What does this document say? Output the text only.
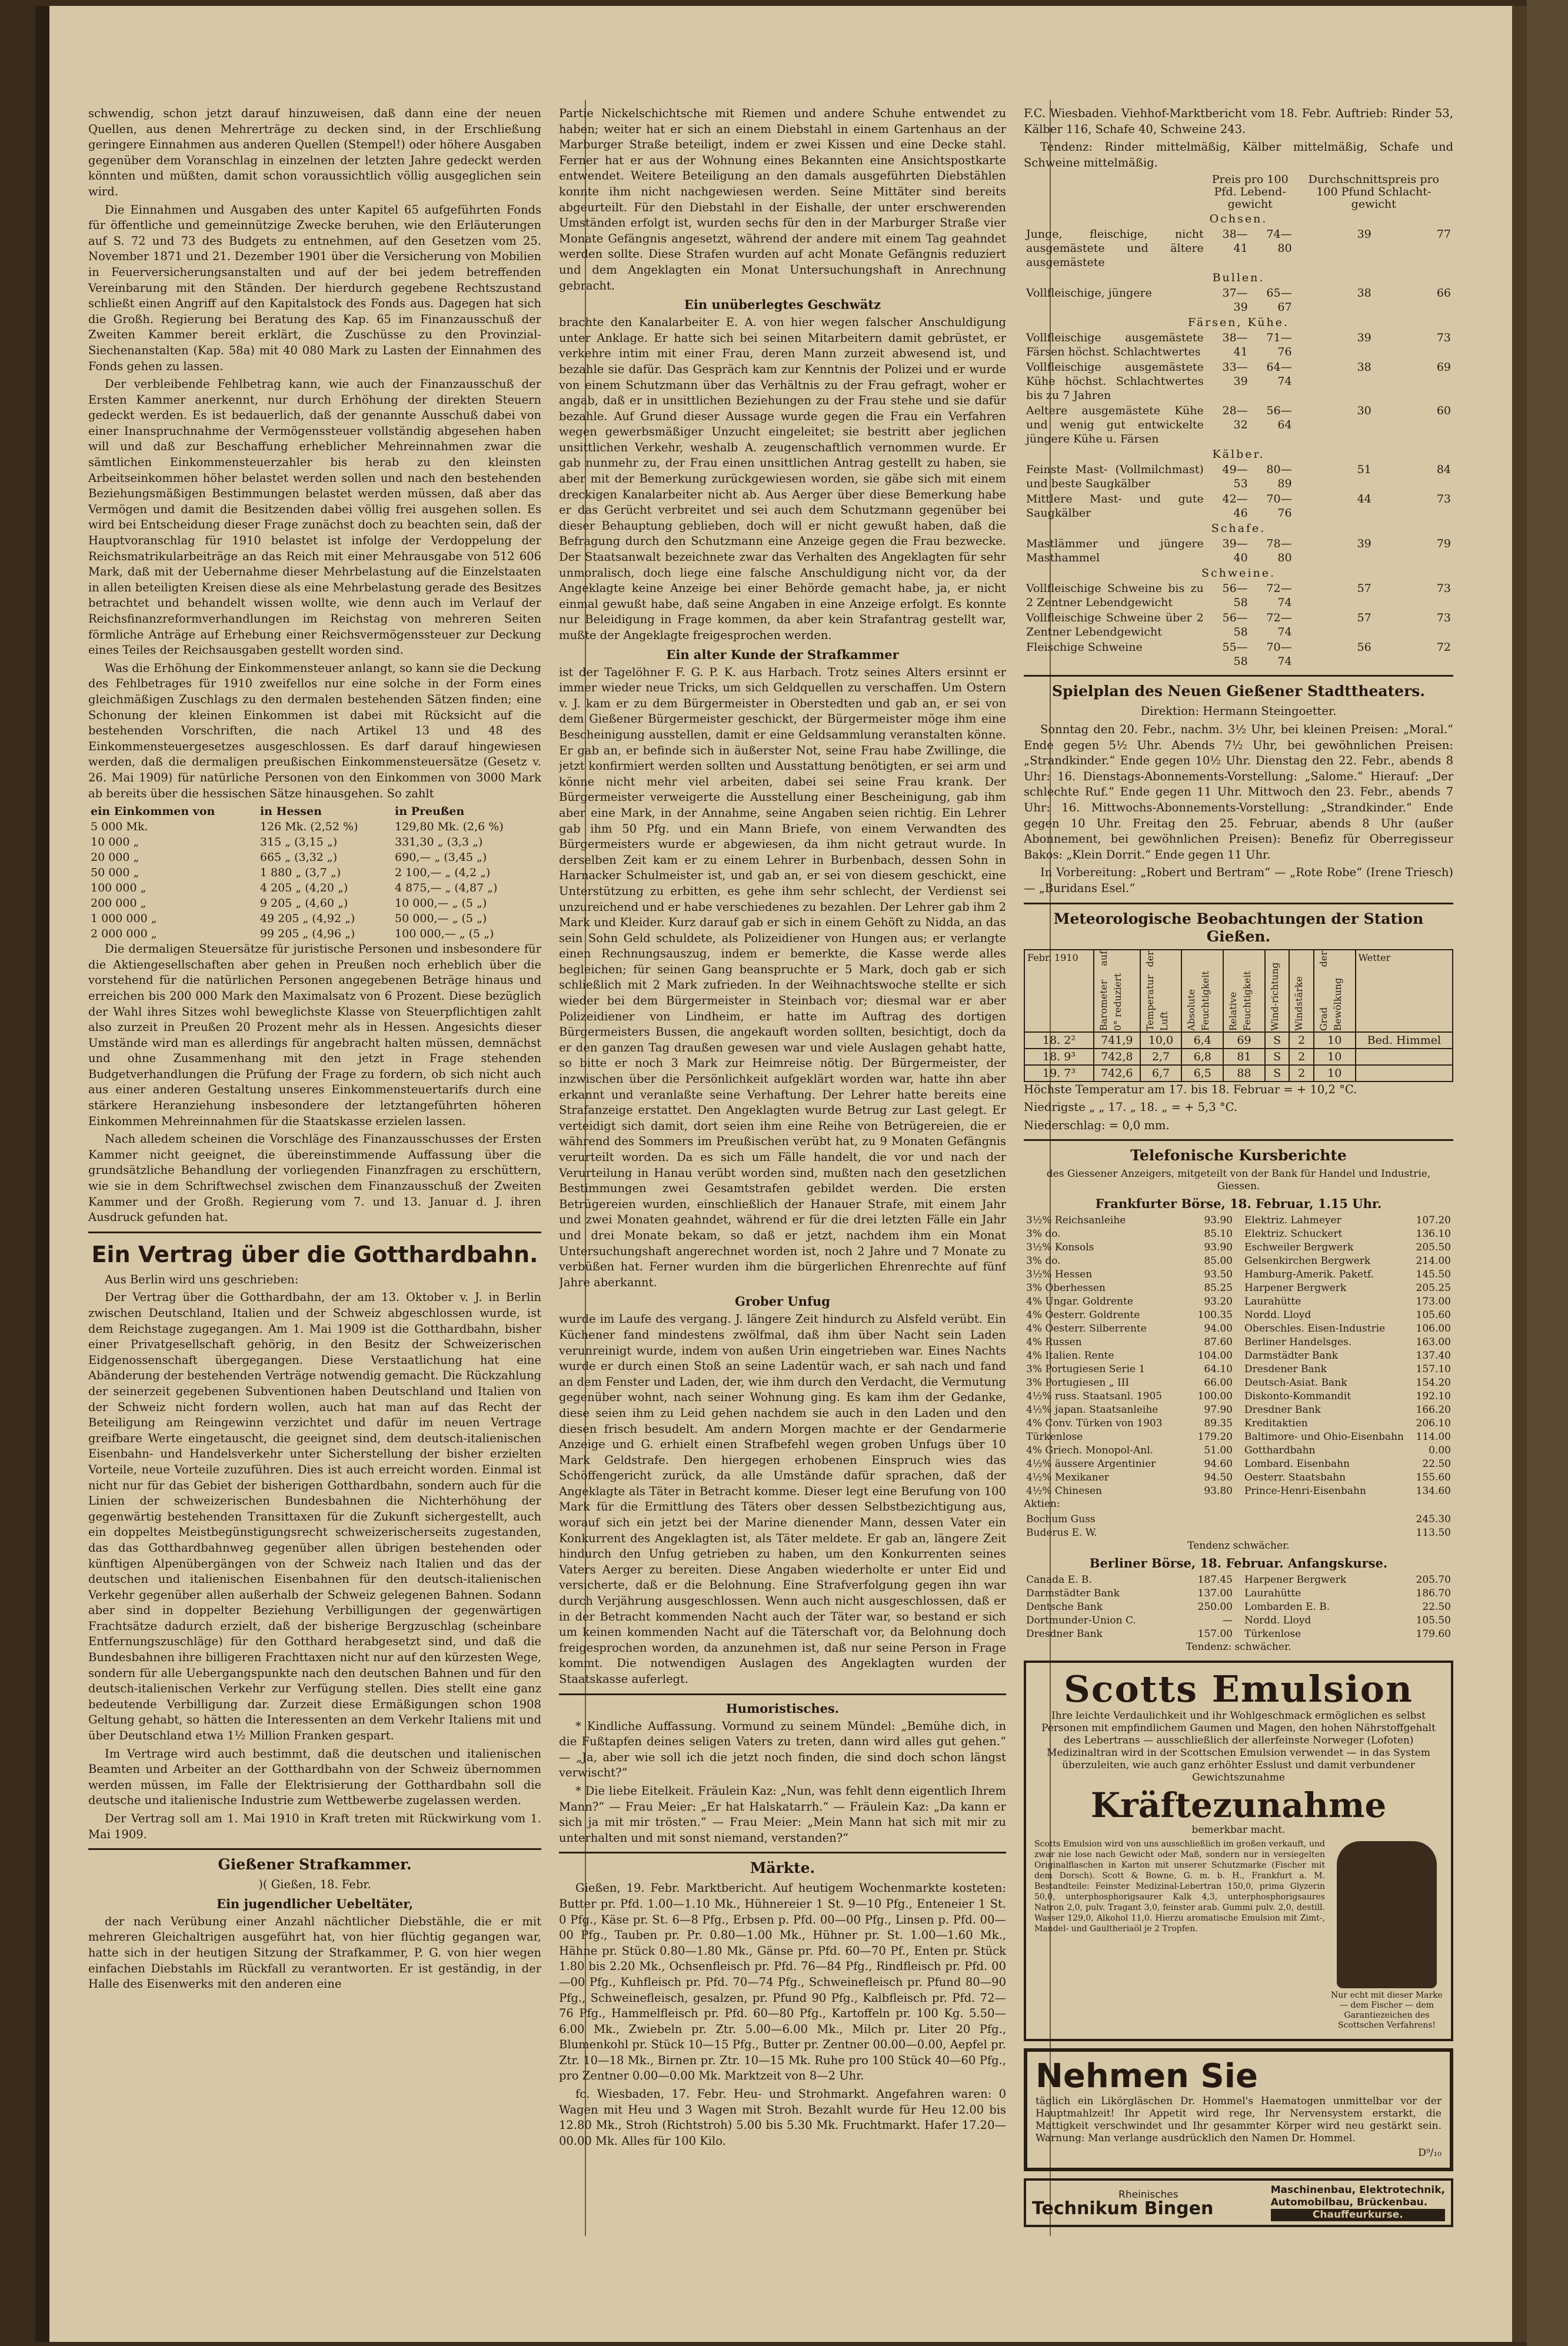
schwendig, schon jetzt darauf hinzuweisen, daß dann eine der neuen Quellen, aus denen Mehrerträge zu decken sind, in der Erschließung geringere Einnahmen aus anderen Quellen (Stempel!) oder höhere Ausgaben gegenüber dem Voranschlag in einzelnen der letzten Jahre gedeckt werden könnten und müßten, damit schon voraussichtlich völlig ausgeglichen sein wird.

Die Einnahmen und Ausgaben des unter Kapitel 65 aufgeführten Fonds für öffentliche und gemeinnützige Zwecke beruhen, wie den Erläuterungen auf S. 72 und 73 des Budgets zu entnehmen, auf den Gesetzen vom 25. November 1871 und 21. Dezember 1901 über die Versicherung von Mobilien in Feuerversicherungsanstalten und auf der bei jedem betreffenden Vereinbarung mit den Ständen. Der hierdurch gegebene Rechtszustand schließt einen Angriff auf den Kapitalstock des Fonds aus. Dagegen hat sich die Großh. Regierung bei Beratung des Kap. 65 im Finanzausschuß der Zweiten Kammer bereit erklärt, die Zuschüsse zu den Provinzial-Siechenanstalten (Kap. 58a) mit 40 080 Mark zu Lasten der Einnahmen des Fonds gehen zu lassen.

Der verbleibende Fehlbetrag kann, wie auch der Finanzausschuß der Ersten Kammer anerkennt, nur durch Erhöhung der direkten Steuern gedeckt werden. Es ist bedauerlich, daß der genannte Ausschuß dabei von einer Inanspruchnahme der Vermögenssteuer vollständig abgesehen haben will und daß zur Beschaffung erheblicher Mehreinnahmen zwar die sämtlichen Einkommensteuerzahler bis herab zu den kleinsten Arbeitseinkommen höher belastet werden sollen und nach den bestehenden Beziehungsmäßigen Bestimmungen belastet werden müssen, daß aber das Vermögen und damit die Besitzenden dabei völlig frei ausgehen sollen. Es wird bei Entscheidung dieser Frage zunächst doch zu beachten sein, daß der Hauptvoranschlag für 1910 belastet ist infolge der Verdoppelung der Reichsmatrikularbeiträge an das Reich mit einer Mehrausgabe von 512 606 Mark, daß mit der Uebernahme dieser Mehrbelastung auf die Einzelstaaten in allen beteiligten Kreisen diese als eine Mehrbelastung gerade des Besitzes betrachtet und behandelt wissen wollte, wie denn auch im Verlauf der Reichsfinanzreformverhandlungen im Reichstag von mehreren Seiten förmliche Anträge auf Erhebung einer Reichsvermögenssteuer zur Deckung eines Teiles der Reichsausgaben gestellt worden sind.

Was die Erhöhung der Einkommensteuer anlangt, so kann sie die Deckung des Fehlbetrages für 1910 zweifellos nur eine solche in der Form eines gleichmäßigen Zuschlags zu den dermalen bestehenden Sätzen finden; eine Schonung der kleinen Einkommen ist dabei mit Rücksicht auf die bestehenden Vorschriften, die nach Artikel 13 und 48 des Einkommensteuergesetzes ausgeschlossen. Es darf darauf hingewiesen werden, daß die dermaligen preußischen Einkommensteuersätze (Gesetz v. 26. Mai 1909) für natürliche Personen von den Einkommen von 3000 Mark ab bereits über die hessischen Sätze hinausgehen. So zahlt

ein Einkommen von	in Hessen	in Preußen
5 000 Mk.	126 Mk. (2,52 %)	129,80 Mk. (2,6 %)
10 000 „	315 „ (3,15 „)	331,30 „ (3,3 „)
20 000 „	665 „ (3,32 „)	690,— „ (3,45 „)
50 000 „	1 880 „ (3,7 „)	2 100,— „ (4,2 „)
100 000 „	4 205 „ (4,20 „)	4 875,— „ (4,87 „)
200 000 „	9 205 „ (4,60 „)	10 000,— „ (5 „)
1 000 000 „	49 205 „ (4,92 „)	50 000,— „ (5 „)
2 000 000 „	99 205 „ (4,96 „)	100 000,— „ (5 „)

Die dermaligen Steuersätze für juristische Personen und insbesondere für die Aktiengesellschaften aber gehen in Preußen noch erheblich über die vorstehend für die natürlichen Personen angegebenen Beträge hinaus und erreichen bis 200 000 Mark den Maximalsatz von 6 Prozent. Diese bezüglich der Wahl ihres Sitzes wohl beweglichste Klasse von Steuerpflichtigen zahlt also zurzeit in Preußen 20 Prozent mehr als in Hessen. Angesichts dieser Umstände wird man es allerdings für angebracht halten müssen, demnächst und ohne Zusammenhang mit den jetzt in Frage stehenden Budgetverhandlungen die Prüfung der Frage zu fordern, ob sich nicht auch aus einer anderen Gestaltung unseres Einkommensteuertarifs durch eine stärkere Heranziehung insbesondere der letztangeführten höheren Einkommen Mehreinnahmen für die Staatskasse erzielen lassen.

Nach alledem scheinen die Vorschläge des Finanzausschusses der Ersten Kammer nicht geeignet, die übereinstimmende Auffassung über die grundsätzliche Behandlung der vorliegenden Finanzfragen zu erschüttern, wie sie in dem Schriftwechsel zwischen dem Finanzausschuß der Zweiten Kammer und der Großh. Regierung vom 7. und 13. Januar d. J. ihren Ausdruck gefunden hat.

Ein Vertrag über die Gotthardbahn.

Aus Berlin wird uns geschrieben:

Der Vertrag über die Gotthardbahn, der am 13. Oktober v. J. in Berlin zwischen Deutschland, Italien und der Schweiz abgeschlossen wurde, ist dem Reichstage zugegangen. Am 1. Mai 1909 ist die Gotthardbahn, bisher einer Privatgesellschaft gehörig, in den Besitz der Schweizerischen Eidgenossenschaft übergegangen. Diese Verstaatlichung hat eine Abänderung der bestehenden Verträge notwendig gemacht. Die Rückzahlung der seinerzeit gegebenen Subventionen haben Deutschland und Italien von der Schweiz nicht fordern wollen, auch hat man auf das Recht der Beteiligung am Reingewinn verzichtet und dafür im neuen Vertrage greifbare Werte eingetauscht, die geeignet sind, dem deutsch-italienischen Eisenbahn- und Handelsverkehr unter Sicherstellung der bisher erzielten Vorteile, neue Vorteile zuzuführen. Dies ist auch erreicht worden. Einmal ist nicht nur für das Gebiet der bisherigen Gotthardbahn, sondern auch für die Linien der schweizerischen Bundesbahnen die Nichterhöhung der gegenwärtig bestehenden Transittaxen für die Zukunft sichergestellt, auch ein doppeltes Meistbegünstigungsrecht schweizerischerseits zugestanden, das das Gotthardbahnweg gegenüber allen übrigen bestehenden oder künftigen Alpenübergängen von der Schweiz nach Italien und das der deutschen und italienischen Eisenbahnen für den deutsch-italienischen Verkehr gegenüber allen außerhalb der Schweiz gelegenen Bahnen. Sodann aber sind in doppelter Beziehung Verbilligungen der gegenwärtigen Frachtsätze dadurch erzielt, daß der bisherige Bergzuschlag (scheinbare Entfernungszuschläge) für den Gotthard herabgesetzt sind, und daß die Bundesbahnen ihre billigeren Frachttaxen nicht nur auf den kürzesten Wege, sondern für alle Uebergangspunkte nach den deutschen Bahnen und für den deutsch-italienischen Verkehr zur Verfügung stellen. Dies stellt eine ganz bedeutende Verbilligung dar. Zurzeit diese Ermäßigungen schon 1908 Geltung gehabt, so hätten die Interessenten an dem Verkehr Italiens mit und über Deutschland etwa 1½ Million Franken gespart.

Im Vertrage wird auch bestimmt, daß die deutschen und italienischen Beamten und Arbeiter an der Gotthardbahn von der Schweiz übernommen werden müssen, im Falle der Elektrisierung der Gotthardbahn soll die deutsche und italienische Industrie zum Wettbewerbe zugelassen werden.

Der Vertrag soll am 1. Mai 1910 in Kraft treten mit Rückwirkung vom 1. Mai 1909.

Gießener Strafkammer.

)( Gießen, 18. Febr.

Ein jugendlicher Uebeltäter,

der nach Verübung einer Anzahl nächtlicher Diebstähle, die er mit mehreren Gleichaltrigen ausgeführt hat, von hier flüchtig gegangen war, hatte sich in der heutigen Sitzung der Strafkammer, P. G. von hier wegen einfachen Diebstahls im Rückfall zu verantworten. Er ist geständig, in der Halle des Eisenwerks mit den anderen eine

Partie Nickelschichtsche mit Riemen und andere Schuhe entwendet zu haben; weiter hat er sich an einem Diebstahl in einem Gartenhaus an der Marburger Straße beteiligt, indem er zwei Kissen und eine Decke stahl. Ferner hat er aus der Wohnung eines Bekannten eine Ansichtspostkarte entwendet. Weitere Beteiligung an den damals ausgeführten Diebstählen konnte ihm nicht nachgewiesen werden. Seine Mittäter sind bereits abgeurteilt. Für den Diebstahl in der Eishalle, der unter erschwerenden Umständen erfolgt ist, wurden sechs für den in der Marburger Straße vier Monate Gefängnis angesetzt, während der andere mit einem Tag geahndet werden sollte. Diese Strafen wurden auf acht Monate Gefängnis reduziert und dem Angeklagten ein Monat Untersuchungshaft in Anrechnung gebracht.

Ein unüberlegtes Geschwätz

brachte den Kanalarbeiter E. A. von hier wegen falscher Anschuldigung unter Anklage. Er hatte sich bei seinen Mitarbeitern damit gebrüstet, er verkehre intim mit einer Frau, deren Mann zurzeit abwesend ist, und bezahle sie dafür. Das Gespräch kam zur Kenntnis der Polizei und er wurde von einem Schutzmann über das Verhältnis zu der Frau gefragt, woher er angab, daß er in unsittlichen Beziehungen zu der Frau stehe und sie dafür bezahle. Auf Grund dieser Aussage wurde gegen die Frau ein Verfahren wegen gewerbsmäßiger Unzucht eingeleitet; sie bestritt aber jeglichen unsittlichen Verkehr, weshalb A. zeugenschaftlich vernommen wurde. Er gab nunmehr zu, der Frau einen unsittlichen Antrag gestellt zu haben, sie aber mit der Bemerkung zurückgewiesen worden, sie gäbe sich mit einem dreckigen Kanalarbeiter nicht ab. Aus Aerger über diese Bemerkung habe er das Gerücht verbreitet und sei auch dem Schutzmann gegenüber bei dieser Behauptung geblieben, doch will er nicht gewußt haben, daß die Befragung durch den Schutzmann eine Anzeige gegen die Frau bezwecke. Der Staatsanwalt bezeichnete zwar das Verhalten des Angeklagten für sehr unmoralisch, doch liege eine falsche Anschuldigung nicht vor, da der Angeklagte keine Anzeige bei einer Behörde gemacht habe, ja, er nicht einmal gewußt habe, daß seine Angaben in eine Anzeige erfolgt. Es konnte nur Beleidigung in Frage kommen, da aber kein Strafantrag gestellt war, mußte der Angeklagte freigesprochen werden.

Ein alter Kunde der Strafkammer

ist der Tagelöhner F. G. P. K. aus Harbach. Trotz seines Alters ersinnt er immer wieder neue Tricks, um sich Geldquellen zu verschaffen. Um Ostern v. J. kam er zu dem Bürgermeister in Oberstedten und gab an, er sei von dem Gießener Bürgermeister geschickt, der Bürgermeister möge ihm eine Bescheinigung ausstellen, damit er eine Geldsammlung veranstalten könne. Er gab an, er befinde sich in äußerster Not, seine Frau habe Zwillinge, die jetzt konfirmiert werden sollten und Ausstattung benötigten, er sei arm und könne nicht mehr viel arbeiten, dabei sei seine Frau krank. Der Bürgermeister verweigerte die Ausstellung einer Bescheinigung, gab ihm aber eine Mark, in der Annahme, seine Angaben seien richtig. Ein Lehrer gab ihm 50 Pfg. und ein Mann Briefe, von einem Verwandten des Bürgermeisters wurde er abgewiesen, da ihm nicht getraut wurde. In derselben Zeit kam er zu einem Lehrer in Burbenbach, dessen Sohn in Harnacker Schulmeister ist, und gab an, er sei von diesem geschickt, eine Unterstützung zu erbitten, es gehe ihm sehr schlecht, der Verdienst sei unzureichend und er habe verschiedenes zu bezahlen. Der Lehrer gab ihm 2 Mark und Kleider. Kurz darauf gab er sich in einem Gehöft zu Nidda, an das sein Sohn Geld schuldete, als Polizeidiener von Hungen aus; er verlangte einen Rechnungsauszug, indem er bemerkte, die Kasse werde alles begleichen; für seinen Gang beanspruchte er 5 Mark, doch gab er sich schließlich mit 2 Mark zufrieden. In der Weihnachtswoche stellte er sich wieder bei dem Bürgermeister in Steinbach vor; diesmal war er aber Polizeidiener von Lindheim, er hatte im Auftrag des dortigen Bürgermeisters Bussen, die angekauft worden sollten, besichtigt, doch da er den ganzen Tag draußen gewesen war und viele Auslagen gehabt hatte, so bitte er noch 3 Mark zur Heimreise nötig. Der Bürgermeister, der inzwischen über die Persönlichkeit aufgeklärt worden war, hatte ihn aber erkannt und veranlaßte seine Verhaftung. Der Lehrer hatte bereits eine Strafanzeige erstattet. Den Angeklagten wurde Betrug zur Last gelegt. Er verteidigt sich damit, dort seien ihm eine Reihe von Betrügereien, die er während des Sommers im Preußischen verübt hat, zu 9 Monaten Gefängnis verurteilt worden. Da es sich um Fälle handelt, die vor und nach der Verurteilung in Hanau verübt worden sind, mußten nach den gesetzlichen Bestimmungen zwei Gesamtstrafen gebildet werden. Die ersten Betrügereien wurden, einschließlich der Hanauer Strafe, mit einem Jahr und zwei Monaten geahndet, während er für die drei letzten Fälle ein Jahr und drei Monate bekam, so daß er jetzt, nachdem ihm ein Monat Untersuchungshaft angerechnet worden ist, noch 2 Jahre und 7 Monate zu verbüßen hat. Ferner wurden ihm die bürgerlichen Ehrenrechte auf fünf Jahre aberkannt.

Grober Unfug

wurde im Laufe des vergang. J. längere Zeit hindurch zu Alsfeld verübt. Ein Küchener fand mindestens zwölfmal, daß ihm über Nacht sein Laden verunreinigt wurde, indem von außen Urin eingetrieben war. Eines Nachts wurde er durch einen Stoß an seine Ladentür wach, er sah nach und fand an dem Fenster und Laden, der, wie ihm durch den Verdacht, die Vermutung gegenüber wohnt, nach seiner Wohnung ging. Es kam ihm der Gedanke, diese seien ihm zu Leid gehen nachdem sie auch in den Laden und den diesen frisch besudelt. Am andern Morgen machte er der Gendarmerie Anzeige und G. erhielt einen Strafbefehl wegen groben Unfugs über 10 Mark Geldstrafe. Den hiergegen erhobenen Einspruch wies das Schöffengericht zurück, da alle Umstände dafür sprachen, daß der Angeklagte als Täter in Betracht komme. Dieser legt eine Berufung von 100 Mark für die Ermittlung des Täters ober dessen Selbstbezichtigung aus, worauf sich ein jetzt bei der Marine dienender Mann, dessen Vater ein Konkurrent des Angeklagten ist, als Täter meldete. Er gab an, längere Zeit hindurch den Unfug getrieben zu haben, um den Konkurrenten seines Vaters Aerger zu bereiten. Diese Angaben wiederholte er unter Eid und versicherte, daß er die Belohnung. Eine Strafverfolgung gegen ihn war durch Verjährung ausgeschlossen. Wenn auch nicht ausgeschlossen, daß er in der Betracht kommenden Nacht auch der Täter war, so bestand er sich um keinen kommenden Nacht auf die Täterschaft vor, da Belohnung doch freigesprochen worden, da anzunehmen ist, daß nur seine Person in Frage kommt. Die notwendigen Auslagen des Angeklagten wurden der Staatskasse auferlegt.

Humoristisches.

* Kindliche Auffassung. Vormund zu seinem Mündel: „Bemühe dich, in die Fußtapfen deines seligen Vaters zu treten, dann wird alles gut gehen.“ — „Ja, aber wie soll ich die jetzt noch finden, die sind doch schon längst verwischt?“

* Die liebe Eitelkeit. Fräulein Kaz: „Nun, was fehlt denn eigentlich Ihrem Mann?“ — Frau Meier: „Er hat Halskatarrh.“ — Fräulein Kaz: „Da kann er sich ja mit mir trösten.“ — Frau Meier: „Mein Mann hat sich mit mir zu unterhalten und mit sonst niemand, verstanden?“

Märkte.

Gießen, 19. Febr. Marktbericht. Auf heutigem Wochenmarkte kosteten: Butter pr. Pfd. 1.00—1.10 Mk., Hühnereier 1 St. 9—10 Pfg., Enteneier 1 St. 0 Pfg., Käse pr. St. 6—8 Pfg., Erbsen p. Pfd. 00—00 Pfg., Linsen p. Pfd. 00—00 Pfg., Tauben pr. Pr. 0.80—1.00 Mk., Hühner pr. St. 1.00—1.60 Mk., Hähne pr. Stück 0.80—1.80 Mk., Gänse pr. Pfd. 60—70 Pf., Enten pr. Stück 1.80 bis 2.20 Mk., Ochsenfleisch pr. Pfd. 76—84 Pfg., Rindfleisch pr. Pfd. 00—00 Pfg., Kuhfleisch pr. Pfd. 70—74 Pfg., Schweinefleisch pr. Pfund 80—90 Pfg., Schweinefleisch, gesalzen, pr. Pfund 90 Pfg., Kalbfleisch pr. Pfd. 72—76 Pfg., Hammelfleisch pr. Pfd. 60—80 Pfg., Kartoffeln pr. 100 Kg. 5.50—6.00 Mk., Zwiebeln pr. Ztr. 5.00—6.00 Mk., Milch pr. Liter 20 Pfg., Blumenkohl pr. Stück 10—15 Pfg., Butter pr. Zentner 00.00—0.00, Aepfel pr. Ztr. 10—18 Mk., Birnen pr. Ztr. 10—15 Mk. Ruhe pro 100 Stück 40—60 Pfg., pro Zentner 0.00—0.00 Mk. Marktzeit von 8—2 Uhr.

fc. Wiesbaden, 17. Febr. Heu- und Strohmarkt. Angefahren waren: 0 Wagen mit Heu und 3 Wagen mit Stroh. Bezahlt wurde für Heu 12.00 bis 12.80 Mk., Stroh (Richtstroh) 5.00 bis 5.30 Mk. Fruchtmarkt. Hafer 17.20—00.00 Mk. Alles für 100 Kilo.

F.C. Wiesbaden. Viehhof-Marktbericht vom 18. Febr. Auftrieb: Rinder 53, Kälber 116, Schafe 40, Schweine 243.

Tendenz: Rinder mittelmäßig, Kälber mittelmäßig, Schafe und Schweine mittelmäßig.

	Preis pro 100 Pfd. Lebend-gewicht		Durchschnittspreis pro 100 Pfund Schlacht-gewicht	
Ochsen.				
Junge, fleischige, nicht ausgemästete und ältere ausgemästete	38—41	74—80	39	77
Bullen.				
Vollfleischige, jüngere	37—39	65—67	38	66
Färsen, Kühe.				
Vollfleischige ausgemästete Färsen höchst. Schlachtwertes	38—41	71—76	39	73
Vollfleischige ausgemästete Kühe höchst. Schlachtwertes bis zu 7 Jahren	33—39	64—74	38	69
Aeltere ausgemästete Kühe und wenig gut entwickelte jüngere Kühe u. Färsen	28—32	56—64	30	60
Kälber.				
Feinste Mast- (Vollmilchmast) und beste Saugkälber	49—53	80—89	51	84
Mittlere Mast- und gute Saugkälber	42—46	70—76	44	73
Schafe.				
Mastlämmer und jüngere Masthammel	39—40	78—80	39	79
Schweine.				
Vollfleischige Schweine bis zu 2 Zentner Lebendgewicht	56—58	72—74	57	73
Vollfleischige Schweine über 2 Zentner Lebendgewicht	56—58	72—74	57	73
Fleischige Schweine	55—58	70—74	56	72
Spielplan des Neuen Gießener Stadttheaters.

Direktion: Hermann Steingoetter.

Sonntag den 20. Febr., nachm. 3½ Uhr, bei kleinen Preisen: „Moral.“ Ende gegen 5½ Uhr. Abends 7½ Uhr, bei gewöhnlichen Preisen: „Strandkinder.“ Ende gegen 10½ Uhr. Dienstag den 22. Febr., abends 8 Uhr: 16. Dienstags-Abonnements-Vorstellung: „Salome.“ Hierauf: „Der schlechte Ruf.“ Ende gegen 11 Uhr. Mittwoch den 23. Febr., abends 7 Uhr: 16. Mittwochs-Abonnements-Vorstellung: „Strandkinder.“ Ende gegen 10 Uhr. Freitag den 25. Februar, abends 8 Uhr (außer Abonnement, bei gewöhnlichen Preisen): Benefiz für Oberregisseur Bakos: „Klein Dorrit.“ Ende gegen 11 Uhr.

In Vorbereitung: „Robert und Bertram“ — „Rote Robe“ (Irene Triesch) — „Buridans Esel.“

Meteorologische Beobachtungen der Station Gießen.
Febr. 1910	Barometer auf 0° reduziert	Temperatur der Luft	Absolute Feuchtigkeit	Relative Feuchtigkeit	Wind-richtung	Windstärke	Grad der Bewölkung	Wetter
18. 2²	741,9	10,0	6,4	69	S	2	10	Bed. Himmel
18. 9³	742,8	2,7	6,8	81	S	2	10	
19. 7³	742,6	6,7	6,5	88	S	2	10	

Höchste Temperatur am 17. bis 18. Februar = + 10,2 °C.

Niedrigste „ „ 17. „ 18. „ = + 5,3 °C.

Niederschlag: = 0,0 mm.

Telefonische Kursberichte

des Giessener Anzeigers, mitgeteilt von der Bank für Handel und Industrie, Giessen.

Frankfurter Börse, 18. Februar, 1.15 Uhr.
3½% Reichsanleihe	93.90
3% do.	85.10
3½% Konsols	93.90
3% do.	85.00
3½% Hessen	93.50
3% Oberhessen	85.25
4% Ungar. Goldrente	93.20
4% Oesterr. Goldrente	100.35
4% Oesterr. Silberrente	94.00
4% Russen	87.60
4% Italien. Rente	104.00
3% Portugiesen Serie 1	64.10
3% Portugiesen „ III	66.00
4½% russ. Staatsanl. 1905	100.00
4½% japan. Staatsanleihe	97.90
4% Conv. Türken von 1903	89.35
Türkenlose	179.20
4% Griech. Monopol-Anl.	51.00
4½% äussere Argentinier	94.60
4½% Mexikaner	94.50
4½% Chinesen	93.80
Elektriz. Lahmeyer	107.20
Elektriz. Schuckert	136.10
Eschweiler Bergwerk	205.50
Gelsenkirchen Bergwerk	214.00
Hamburg-Amerik. Paketf.	145.50
Harpener Bergwerk	205.25
Laurahütte	173.00
Nordd. Lloyd	105.60
Oberschles. Eisen-Industrie	106.00
Berliner Handelsges.	163.00
Darmstädter Bank	137.40
Dresdener Bank	157.10
Deutsch-Asiat. Bank	154.20
Diskonto-Kommandit	192.10
Dresdner Bank	166.20
Kreditaktien	206.10
Baltimore- und Ohio-Eisenbahn	114.00
Gotthardbahn	0.00
Lombard. Eisenbahn	22.50
Oesterr. Staatsbahn	155.60
Prince-Henri-Eisenbahn	134.60

Aktien:

Bochum Guss	245.30
Buderus E. W.	113.50

Tendenz schwächer.

Berliner Börse, 18. Februar. Anfangskurse.
Canada E. B.	187.45
Darmstädter Bank	137.00
Dentsche Bank	250.00
Dortmunder-Union C.	—
Dresdner Bank	157.00
Harpener Bergwerk	205.70
Laurahütte	186.70
Lombarden E. B.	22.50
Nordd. Lloyd	105.50
Türkenlose	179.60

Tendenz: schwächer.

Scotts Emulsion

Ihre leichte Verdaulichkeit und ihr Wohlgeschmack ermöglichen es selbst Personen mit empfindlichem Gaumen und Magen, den hohen Nährstoffgehalt des Lebertrans — ausschließlich der allerfeinste Norweger (Lofoten) Medizinaltran wird in der Scottschen Emulsion verwendet — in das System überzuleiten, wie auch ganz erhöhter Esslust und damit verbundener Gewichtszunahme

Kräftezunahme

bemerkbar macht.

Scotts Emulsion wird von uns ausschließlich im großen verkauft, und zwar nie lose nach Gewicht oder Maß, sondern nur in versiegelten Originalflaschen in Karton mit unserer Schutzmarke (Fischer mit dem Dorsch). Scott & Bowne, G. m. b. H., Frankfurt a. M. Bestandteile: Feinster Medizinal-Lebertran 150,0, prima Glyzerin 50,0, unterphosphorigsaurer Kalk 4,3, unterphosphorigsaures Natron 2,0, pulv. Tragant 3,0, feinster arab. Gummi pulv. 2,0, destill. Wasser 129,0, Alkohol 11,0. Hierzu aromatische Emulsion mit Zimt-, Mandel- und Gaultheriaöl je 2 Tropfen.

Nur echt mit dieser Marke — dem Fischer — dem Garantiezeichen des Scottschen Verfahrens!

Nehmen Sie

täglich ein Likörgläschen Dr. Hommel's Haematogen unmittelbar vor der Hauptmahlzeit! Ihr Appetit wird rege, Ihr Nervensystem erstarkt, die Mattigkeit verschwindet und Ihr gesammter Körper wird neu gestärkt sein. Warnung: Man verlange ausdrücklich den Namen Dr. Hommel.

D⁹/₁₀

Rheinisches
Technikum Bingen
Maschinenbau, Elektrotechnik,
Automobilbau, Brückenbau.
Chauffeurkurse.
